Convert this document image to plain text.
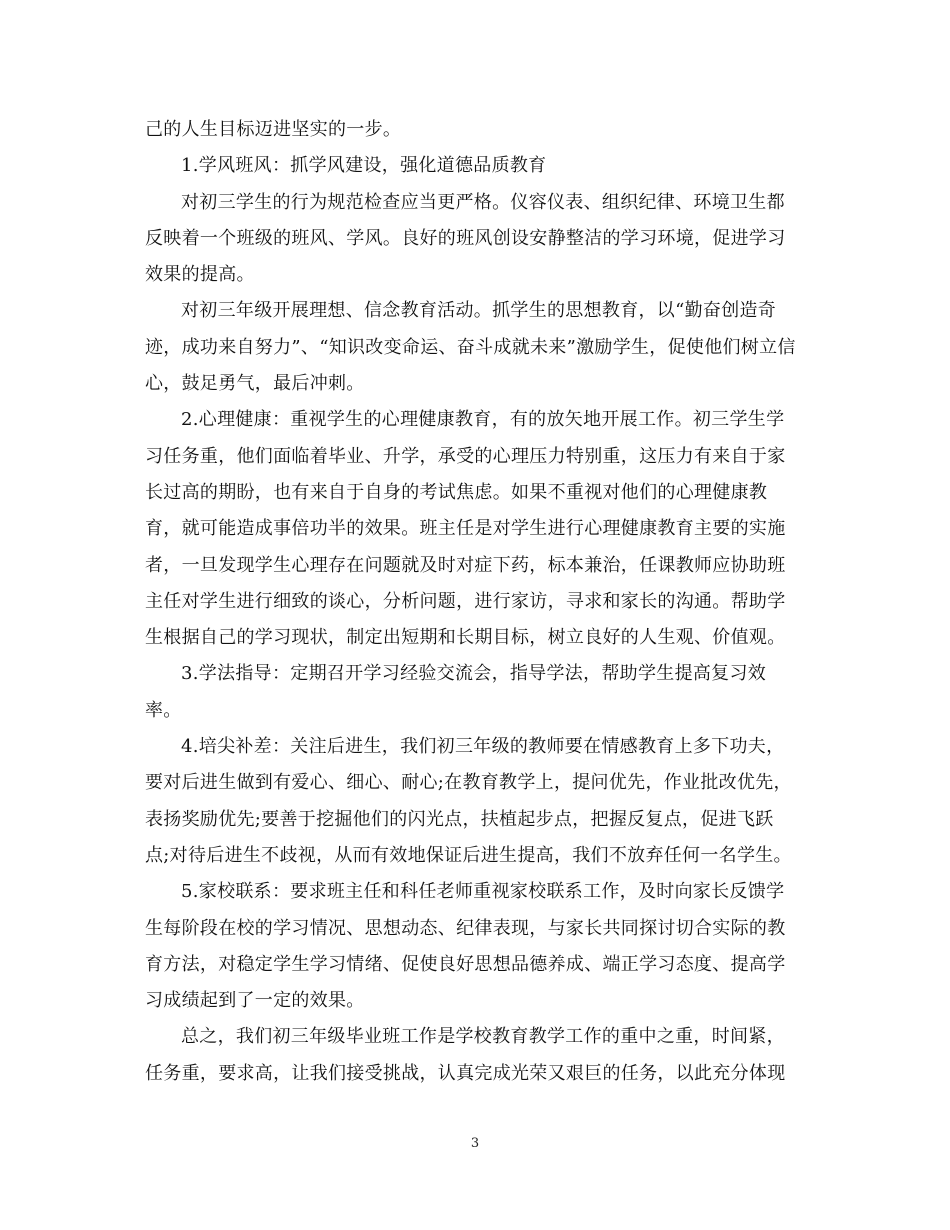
己的人生目标迈进坚实的一步。
1.学风班风：抓学风建设，强化道德品质教育
对初三学生的行为规范检查应当更严格。仪容仪表、组织纪律、环境卫生都
反映着一个班级的班风、学风。良好的班风创设安静整洁的学习环境，促进学习
效果的提高。
对初三年级开展理想、信念教育活动。抓学生的思想教育，以“勤奋创造奇
迹，成功来自努力”、“知识改变命运、奋斗成就未来”激励学生，促使他们树立信
心，鼓足勇气，最后冲刺。
2.心理健康：重视学生的心理健康教育，有的放矢地开展工作。初三学生学
习任务重，他们面临着毕业、升学，承受的心理压力特别重，这压力有来自于家
长过高的期盼，也有来自于自身的考试焦虑。如果不重视对他们的心理健康教
育，就可能造成事倍功半的效果。班主任是对学生进行心理健康教育主要的实施
者，一旦发现学生心理存在问题就及时对症下药，标本兼治，任课教师应协助班
主任对学生进行细致的谈心，分析问题，进行家访，寻求和家长的沟通。帮助学
生根据自己的学习现状，制定出短期和长期目标，树立良好的人生观、价值观。
3.学法指导：定期召开学习经验交流会，指导学法，帮助学生提高复习效
率。
4.培尖补差：关注后进生，我们初三年级的教师要在情感教育上多下功夫，
要对后进生做到有爱心、细心、耐心;在教育教学上，提问优先，作业批改优先，
表扬奖励优先;要善于挖掘他们的闪光点，扶植起步点，把握反复点，促进飞跃
点;对待后进生不歧视，从而有效地保证后进生提高，我们不放弃任何一名学生。
5.家校联系：要求班主任和科任老师重视家校联系工作，及时向家长反馈学
生每阶段在校的学习情况、思想动态、纪律表现，与家长共同探讨切合实际的教
育方法，对稳定学生学习情绪、促使良好思想品德养成、端正学习态度、提高学
习成绩起到了一定的效果。
总之，我们初三年级毕业班工作是学校教育教学工作的重中之重，时间紧，
任务重，要求高，让我们接受挑战，认真完成光荣又艰巨的任务，以此充分体现
3
